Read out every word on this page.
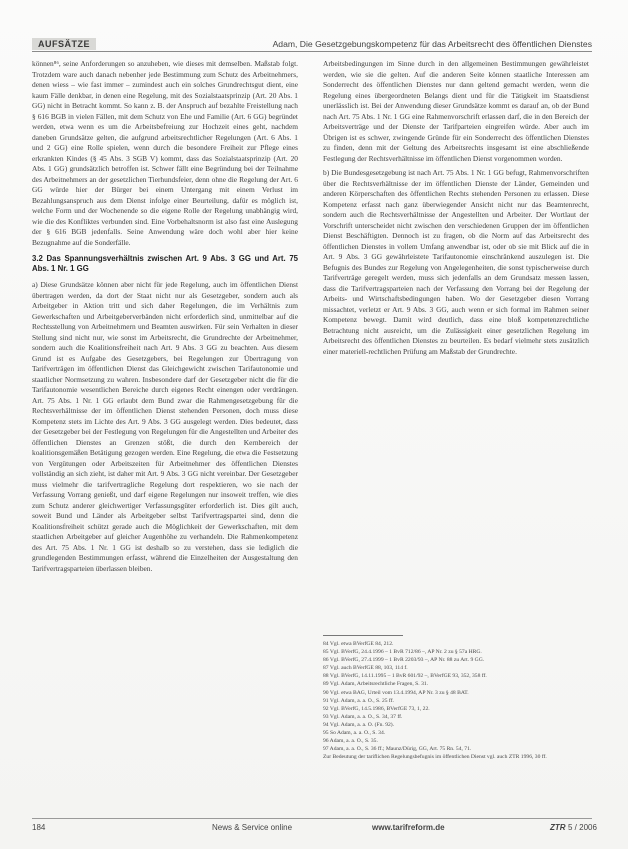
AUFSÄTZE	Adam, Die Gesetzgebungskompetenz für das Arbeitsrecht des öffentlichen Dienstes

können⁸⁶, seine Anforderungen so anzuheben, wie dieses mit demselben. Maßstab folgt. Trotzdem ware auch danach nebenher jede Bestimmung zum Schutz des Arbeitnehmers, denen wiess – wie fast immer – zumindest auch ein solches Grundrechtsgut dient, eine kaum Fälle denkbar, in denen eine Regelung, mit des Sozialstaatsprinzip (Art. 20 Abs. 1 GG) nicht in Betracht kommt. So kann z. B. der Anspruch auf bezahlte Freistellung nach § 616 BGB in vielen Fällen, mit dem Schutz von Ehe und Familie (Art. 6 GG) begründet werden, etwa wenn es um die Arbeitsbefreiung zur Hochzeit eines geht, nachdem daneben Grundsätze gelten, die aufgrund arbeitsrechtlicher Regelungen (Art. 6 Abs. 1 und 2 GG) eine Rolle spielen, wenn durch die besondere Freiheit zur Pflege eines erkrankten Kindes (§ 45 Abs. 3 SGB V) kommt, dass das Sozialstaatsprinzip (Art. 20 Abs. 1 GG) grundsätzlich betroffen ist. Schwer fällt eine Begründung bei der Teilnahme des Arbeitnehmers an der gesetzlichen Tierhundsfeier, denn ohne die Regelung der Art. 6 GG würde hier der Bürger bei einem Untergang mit einem Verlust im Bezahlungsanspruch aus dem Dienst infolge einer Beurteilung, dafür es möglich ist, welche Form und der Wochenende so die eigene Rolle der Regelung unabhängig wird, wie die des Konfliktes verbunden sind. Eine Vorbehaltsnorm ist also fast eine Auslegung der § 616 BGB jedenfalls. Seine Anwendung wäre doch wohl aber hier keine Bezugnahme auf die Sonderfälle.

3.2 Das Spannungsverhältnis zwischen Art. 9 Abs. 3 GG und Art. 75 Abs. 1 Nr. 1 GG

a) Diese Grundsätze können aber nicht für jede Regelung, auch im öffentlichen Dienst übertragen werden, da dort der Staat nicht nur als Gesetzgeber, sondern auch als Arbeitgeber in Aktion tritt und sich daher Regelungen, die im Verhältnis zum Gewerkschaften und Arbeitgeberverbänden nicht erforderlich sind, unmittelbar auf die Rechtsstellung von Arbeitnehmern und Beamten auswirken. Für sein Verhalten in dieser Stellung sind nicht nur, wie sonst im Arbeitsrecht, die Grundrechte der Arbeitnehmer, sondern auch die Koalitionsfreiheit nach Art. 9 Abs. 3 GG zu beachten. Aus diesem Grund ist es Aufgabe des Gesetzgebers, bei Regelungen zur Übertragung von Tarifverträgen im öffentlichen Dienst das Gleichgewicht zwischen Tarifautonomie und staatlicher Normsetzung zu wahren. Insbesondere darf der Gesetzgeber nicht die für die Tarifautonomie wesentlichen Bereiche durch eigenes Recht einengen oder verdrängen. Art. 75 Abs. 1 Nr. 1 GG erlaubt dem Bund zwar die Rahmengesetzgebung für die Rechtsverhältnisse der im öffentlichen Dienst stehenden Personen, doch muss diese Kompetenz stets im Lichte des Art. 9 Abs. 3 GG ausgelegt werden. Dies bedeutet, dass der Gesetzgeber bei der Festlegung von Regelungen für die Angestellten und Arbeiter des öffentlichen Dienstes an Grenzen stößt, die durch den Kernbereich der koalitionsgemäßen Betätigung gezogen werden. Eine Regelung, die etwa die Festsetzung von Vergütungen oder Arbeitszeiten für Arbeitnehmer des öffentlichen Dienstes vollständig an sich zieht, ist daher mit Art. 9 Abs. 3 GG nicht vereinbar. Der Gesetzgeber muss vielmehr die tarifvertragliche Regelung dort respektieren, wo sie nach der Verfassung Vorrang genießt, und darf eigene Regelungen nur insoweit treffen, wie dies zum Schutz anderer gleichwertiger Verfassungsgüter erforderlich ist. Dies gilt auch, soweit Bund und Länder als Arbeitgeber selbst Tarifvertragspartei sind, denn die Koalitionsfreiheit schützt gerade auch die Möglichkeit der Gewerkschaften, mit dem staatlichen Arbeitgeber auf gleicher Augenhöhe zu verhandeln. Die Rahmenkompetenz des Art. 75 Abs. 1 Nr. 1 GG ist deshalb so zu verstehen, dass sie lediglich die grundlegenden Bestimmungen erfasst, während die Einzelheiten der Ausgestaltung den Tarifvertragsparteien überlassen bleiben.

Arbeitsbedingungen im Sinne durch in den allgemeinen Bestimmungen gewährleistet werden, wie sie die gelten. Auf die anderen Seite können staatliche Interessen am Sonderrecht des öffentlichen Dienstes nur dann geltend gemacht werden, wenn die Regelung eines übergeordneten Belangs dient und für die Tätigkeit im Staatsdienst unerlässlich ist. Bei der Anwendung dieser Grundsätze kommt es darauf an, ob der Bund nach Art. 75 Abs. 1 Nr. 1 GG eine Rahmenvorschrift erlassen darf, die in den Bereich der Arbeitsverträge und der Dienste der Tarifparteien eingreifen würde. Aber auch im Übrigen ist es schwer, zwingende Gründe für ein Sonderrecht des öffentlichen Dienstes zu finden, denn mit der Geltung des Arbeitsrechts insgesamt ist eine abschließende Festlegung der Rechtsverhältnisse im öffentlichen Dienst vorgenommen worden.

b) Die Bundesgesetzgebung ist nach Art. 75 Abs. 1 Nr. 1 GG befugt, Rahmenvorschriften über die Rechtsverhältnisse der im öffentlichen Dienste der Länder, Gemeinden und anderen Körperschaften des öffentlichen Rechts stehenden Personen zu erlassen. Diese Kompetenz erfasst nach ganz überwiegender Ansicht nicht nur das Beamtenrecht, sondern auch die Rechtsverhältnisse der Angestellten und Arbeiter. Der Wortlaut der Vorschrift unterscheidet nicht zwischen den verschiedenen Gruppen der im öffentlichen Dienst Beschäftigten. Dennoch ist zu fragen, ob die Norm auf das Arbeitsrecht des öffentlichen Dienstes in vollem Umfang anwendbar ist, oder ob sie mit Blick auf die in Art. 9 Abs. 3 GG gewährleistete Tarifautonomie einschränkend auszulegen ist. Die Befugnis des Bundes zur Regelung von Angelegenheiten, die sonst typischerweise durch Tarifverträge geregelt werden, muss sich jedenfalls an dem Grundsatz messen lassen, dass die Tarifvertragsparteien nach der Verfassung den Vorrang bei der Regelung der Arbeits- und Wirtschaftsbedingungen haben. Wo der Gesetzgeber diesen Vorrang missachtet, verletzt er Art. 9 Abs. 3 GG, auch wenn er sich formal im Rahmen seiner Kompetenz bewegt. Damit wird deutlich, dass eine bloß kompetenzrechtliche Betrachtung nicht ausreicht, um die Zulässigkeit einer gesetzlichen Regelung im Arbeitsrecht des öffentlichen Dienstes zu beurteilen. Es bedarf vielmehr stets zusätzlich einer materiell-rechtlichen Prüfung am Maßstab der Grundrechte.

84 Vgl. etwa BVerfGE 84, 212.
85 Vgl. BVerfG, 24.4.1996 – 1 BvR 712/86 –, AP Nr. 2 zu § 57a HRG.
86 Vgl. BVerfG, 27.4.1999 – 1 BvR 2203/93 –, AP Nr. 88 zu Art. 9 GG.
87 Vgl. auch BVerfGE 88, 103, 114 f.
88 Vgl. BVerfG, 14.11.1995 – 1 BvR 601/92 –, BVerfGE 93, 352, 358 ff.
89 Vgl. Adam, Arbeitsrechtliche Fragen, S. 31.
90 Vgl. etwa BAG, Urteil vom 13.4.1994, AP Nr. 3 zu § 48 BAT.
91 Vgl. Adam, a. a. O., S. 25 ff.
92 Vgl. BVerfG, 14.5.1986, BVerfGE 73, 1, 22.
93 Vgl. Adam, a. a. O., S. 34, 37 ff.
94 Vgl. Adam, a. a. O. (Fn. 92).
95 So Adam, a. a. O., S. 34.
96 Adam, a. a. O., S. 35.
97 Adam, a. a. O., S. 36 ff.; Maunz/Dürig, GG, Art. 75 Rn. 54, 71.
Zur Bedeutung der tariflichen Regelungsbefugnis im öffentlichen Dienst vgl. auch ZTR 1996, 30 ff.
184	News & Service online	www.tarifreform.de	ZTR 5 / 2006
